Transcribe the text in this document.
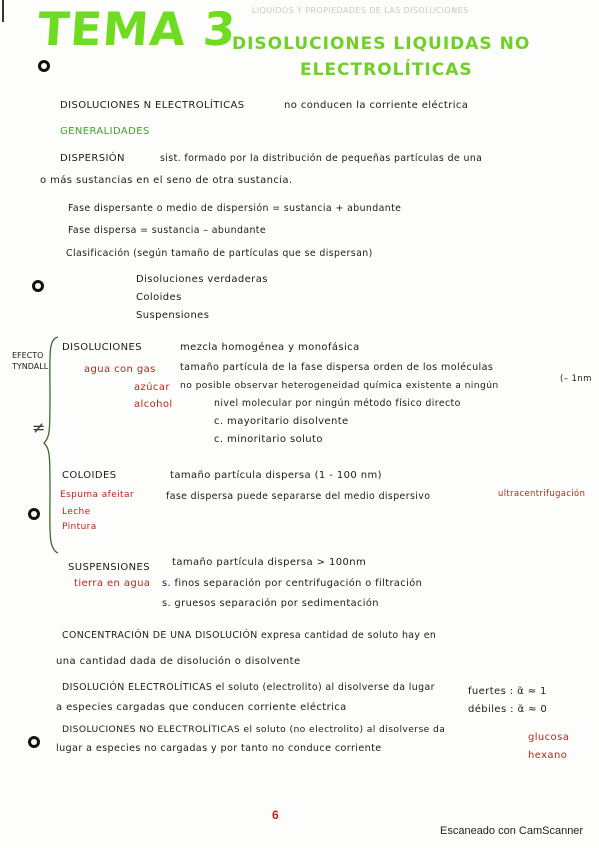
TEMA 3 LIQUIDOS Y PROPIEDADES DE LAS DISOLUCIONES
DISOLUCIONES LIQUIDAS NO
ELECTROLÍTICAS
DISOLUCIONES N ELECTROLÍTICAS	no conducen la corriente eléctrica
GENERALIDADES
DISPERSIÓN	sist. formado por la distribución de pequeñas partículas de una
o más sustancias en el seno de otra sustancia.
Fase dispersante o medio de dispersión = sustancia + abundante
Fase dispersa = sustancia – abundante
Clasificación (según tamaño de partículas que se dispersan)
Disoluciones verdaderas
Coloides
Suspensiones
EFECTO TYNDALL
≠
DISOLUCIONES	mezcla homogénea y monofásica
agua con gas
azúcar
alcohol
tamaño partícula de la fase dispersa orden de los moléculas
(– 1nm
no posible observar heterogeneidad química existente a ningún
nivel molecular por ningún método físico directo
c. mayoritario disolvente
c. minoritario soluto
COLOIDES	tamaño partícula dispersa (1 - 100 nm)
Espuma afeitar
Leche
Pintura
fase dispersa puede separarse del medio dispersivo	ultracentrifugación
SUSPENSIONES tamaño partícula dispersa > 100nm
tierra en agua s. finos separación por centrifugación o filtración
s. gruesos separación por sedimentación
CONCENTRACIÓN DE UNA DISOLUCIÓN expresa cantidad de soluto hay en
una cantidad dada de disolución o disolvente
DISOLUCIÓN ELECTROLÍTICAS el soluto (electrolito) al disolverse da lugar
a especies cargadas que conducen corriente eléctrica
fuertes : α̃ ≈ 1
débiles : α̃ ≈ 0
DISOLUCIONES NO ELECTROLÍTICAS el soluto (no electrolito) al disolverse da
lugar a especies no cargadas y por tanto no conduce corriente
glucosa
hexano
6
Escaneado con CamScanner
